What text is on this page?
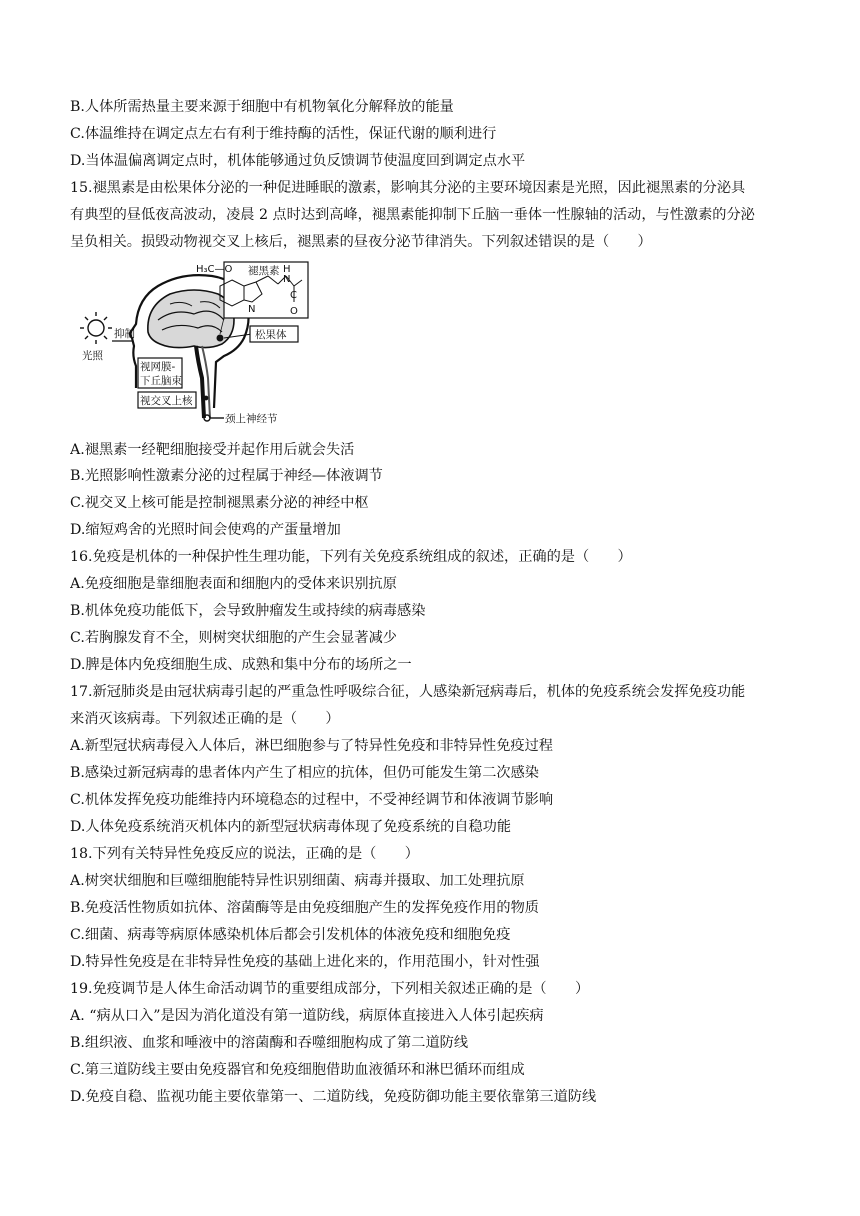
B.人体所需热量主要来源于细胞中有机物氧化分解释放的能量
C.体温维持在调定点左右有利于维持酶的活性，保证代谢的顺利进行
D.当体温偏离调定点时，机体能够通过负反馈调节使温度回到调定点水平
15.褪黑素是由松果体分泌的一种促进睡眠的激素，影响其分泌的主要环境因素是光照，因此褪黑素的分泌具
有典型的昼低夜高波动，凌晨 2 点时达到高峰，褪黑素能抑制下丘脑一垂体一性腺轴的活动，与性激素的分泌
呈负相关。损毁动物视交叉上核后，褪黑素的昼夜分泌节律消失。下列叙述错误的是（　　）
光照
抑制
颈上神经节
视网膜-
下丘脑束
视交叉上核
松果体
H₃C—O 褪黑素
N
H
N
C
O
A.褪黑素一经靶细胞接受并起作用后就会失活
B.光照影响性激素分泌的过程属于神经—体液调节
C.视交叉上核可能是控制褪黑素分泌的神经中枢
D.缩短鸡舍的光照时间会使鸡的产蛋量增加
16.免疫是机体的一种保护性生理功能，下列有关免疫系统组成的叙述，正确的是（　　）
A.免疫细胞是靠细胞表面和细胞内的受体来识别抗原
B.机体免疫功能低下，会导致肿瘤发生或持续的病毒感染
C.若胸腺发育不全，则树突状细胞的产生会显著减少
D.脾是体内免疫细胞生成、成熟和集中分布的场所之一
17.新冠肺炎是由冠状病毒引起的严重急性呼吸综合征，人感染新冠病毒后，机体的免疫系统会发挥免疫功能
来消灭该病毒。下列叙述正确的是（　　）
A.新型冠状病毒侵入人体后，淋巴细胞参与了特异性免疫和非特异性免疫过程
B.感染过新冠病毒的患者体内产生了相应的抗体，但仍可能发生第二次感染
C.机体发挥免疫功能维持内环境稳态的过程中，不受神经调节和体液调节影响
D.人体免疫系统消灭机体内的新型冠状病毒体现了免疫系统的自稳功能
18.下列有关特异性免疫反应的说法，正确的是（　　）
A.树突状细胞和巨噬细胞能特异性识别细菌、病毒并摄取、加工处理抗原
B.免疫活性物质如抗体、溶菌酶等是由免疫细胞产生的发挥免疫作用的物质
C.细菌、病毒等病原体感染机体后都会引发机体的体液免疫和细胞免疫
D.特异性免疫是在非特异性免疫的基础上进化来的，作用范围小，针对性强
19.免疫调节是人体生命活动调节的重要组成部分，下列相关叙述正确的是（　　）
A. “病从口入”是因为消化道没有第一道防线，病原体直接进入人体引起疾病
B.组织液、血浆和唾液中的溶菌酶和吞噬细胞构成了第二道防线
C.第三道防线主要由免疫器官和免疫细胞借助血液循环和淋巴循环而组成
D.免疫自稳、监视功能主要依靠第一、二道防线，免疫防御功能主要依靠第三道防线
